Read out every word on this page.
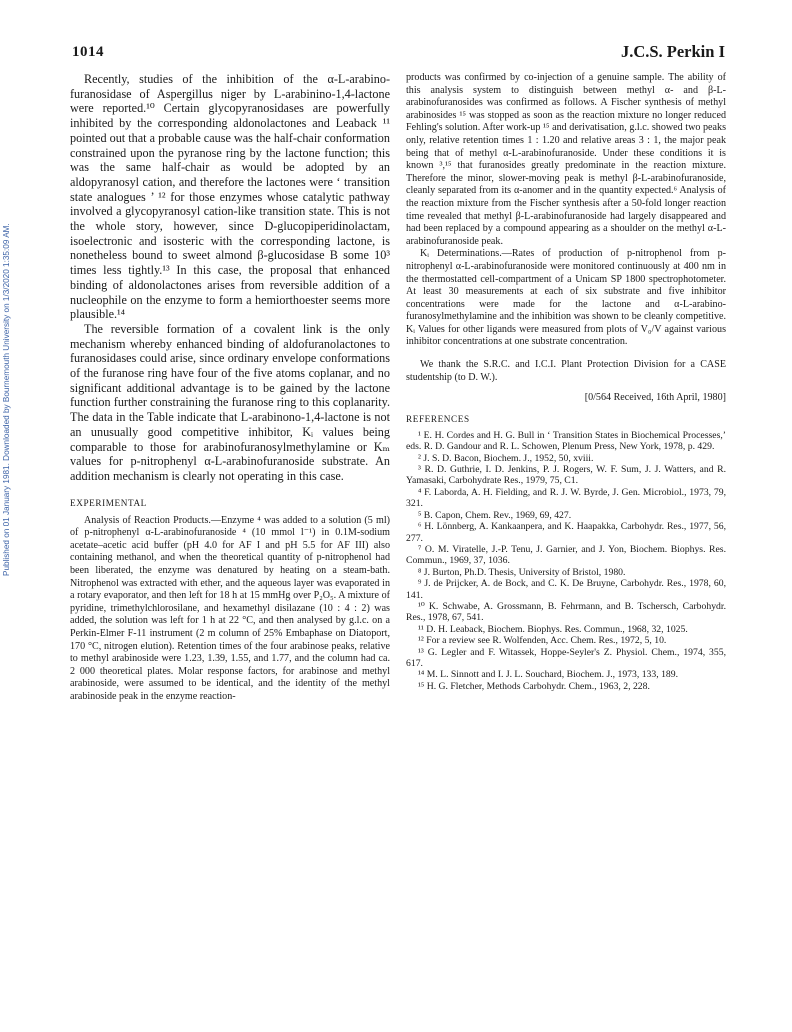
1014	J.C.S. Perkin I
Published on 01 January 1981. Downloaded by Bournemouth University on 1/3/2020 1:35:09 AM.

Recently, studies of the inhibition of the α-L-arabinofuranosidase of Aspergillus niger by L-arabinino-1,4-lactone were reported.¹⁰ Certain glycopyranosidases are powerfully inhibited by the corresponding aldonolactones and Leaback ¹¹ pointed out that a probable cause was the half-chair conformation constrained upon the pyranose ring by the lactone function; this was the same half-chair as would be adopted by an aldopyranosyl cation, and therefore the lactones were ‘ transition state analogues ’ ¹² for those enzymes whose catalytic pathway involved a glycopyranosyl cation-like transition state. This is not the whole story, however, since D-glucopiperidinolactam, isoelectronic and isosteric with the corresponding lactone, is nonetheless bound to sweet almond β-glucosidase B some 10³ times less tightly.¹³ In this case, the proposal that enhanced binding of aldonolactones arises from reversible addition of a nucleophile on the enzyme to form a hemiorthoester seems more plausible.¹⁴

The reversible formation of a covalent link is the only mechanism whereby enhanced binding of aldofuranolactones to furanosidases could arise, since ordinary envelope conformations of the furanose ring have four of the five atoms coplanar, and no significant additional advantage is to be gained by the lactone function further constraining the furanose ring to this coplanarity. The data in the Table indicate that L-arabinono-1,4-lactone is not an unusually good competitive inhibitor, Kᵢ values being comparable to those for arabinofuranosylmethylamine or Kₘ values for p-nitrophenyl α-L-arabinofuranoside substrate. An addition mechanism is clearly not operating in this case.

EXPERIMENTAL

Analysis of Reaction Products.—Enzyme ⁴ was added to a solution (5 ml) of p-nitrophenyl α-L-arabinofuranoside ⁴ (10 mmol l⁻¹) in 0.1M-sodium acetate–acetic acid buffer (pH 4.0 for AF I and pH 5.5 for AF III) also containing methanol, and when the theoretical quantity of p-nitrophenol had been liberated, the enzyme was denatured by heating on a steam-bath. Nitrophenol was extracted with ether, and the aqueous layer was evaporated in a rotary evaporator, and then left for 18 h at 15 mmHg over P₂O₅. A mixture of pyridine, trimethylchlorosilane, and hexamethyl disilazane (10 : 4 : 2) was added, the solution was left for 1 h at 22 °C, and then analysed by g.l.c. on a Perkin-Elmer F-11 instrument (2 m column of 25% Embaphase on Diatoport, 170 °C, nitrogen elution). Retention times of the four arabinose peaks, relative to methyl arabinoside were 1.23, 1.39, 1.55, and 1.77, and the column had ca. 2 000 theoretical plates. Molar response factors, for arabinose and methyl arabinoside, were assumed to be identical, and the identity of the methyl arabinoside peak in the enzyme reaction-

products was confirmed by co-injection of a genuine sample. The ability of this analysis system to distinguish between methyl α- and β-L-arabinofuranosides was confirmed as follows. A Fischer synthesis of methyl arabinosides ¹⁵ was stopped as soon as the reaction mixture no longer reduced Fehling's solution. After work-up ¹⁵ and derivatisation, g.l.c. showed two peaks only, relative retention times 1 : 1.20 and relative areas 3 : 1, the major peak being that of methyl α-L-arabinofuranoside. Under these conditions it is known ³,¹⁵ that furanosides greatly predominate in the reaction mixture. Therefore the minor, slower-moving peak is methyl β-L-arabinofuranoside, cleanly separated from its α-anomer and in the quantity expected.⁶ Analysis of the reaction mixture from the Fischer synthesis after a 50-fold longer reaction time revealed that methyl β-L-arabinofuranoside had largely disappeared and had been replaced by a compound appearing as a shoulder on the methyl α-L-arabinofuranoside peak.

Kᵢ Determinations.—Rates of production of p-nitrophenol from p-nitrophenyl α-L-arabinofuranoside were monitored continuously at 400 nm in the thermostatted cell-compartment of a Unicam SP 1800 spectrophotometer. At least 30 measurements at each of six substrate and five inhibitor concentrations were made for the lactone and α-L-arabinofuranosylmethylamine and the inhibition was shown to be cleanly competitive. Kᵢ Values for other ligands were measured from plots of V₀/V against various inhibitor concentrations at one substrate concentration.

We thank the S.R.C. and I.C.I. Plant Protection Division for a CASE studentship (to D. W.).

[0/564 Received, 16th April, 1980]
REFERENCES
¹ E. H. Cordes and H. G. Bull in ‘ Transition States in Biochemical Processes,’ eds. R. D. Gandour and R. L. Schowen, Plenum Press, New York, 1978, p. 429.
² J. S. D. Bacon, Biochem. J., 1952, 50, xviii.
³ R. D. Guthrie, I. D. Jenkins, P. J. Rogers, W. F. Sum, J. J. Watters, and R. Yamasaki, Carbohydrate Res., 1979, 75, C1.
⁴ F. Laborda, A. H. Fielding, and R. J. W. Byrde, J. Gen. Microbiol., 1973, 79, 321.
⁵ B. Capon, Chem. Rev., 1969, 69, 427.
⁶ H. Lönnberg, A. Kankaanpera, and K. Haapakka, Carbohydr. Res., 1977, 56, 277.
⁷ O. M. Viratelle, J.-P. Tenu, J. Garnier, and J. Yon, Biochem. Biophys. Res. Commun., 1969, 37, 1036.
⁸ J. Burton, Ph.D. Thesis, University of Bristol, 1980.
⁹ J. de Prijcker, A. de Bock, and C. K. De Bruyne, Carbohydr. Res., 1978, 60, 141.
¹⁰ K. Schwabe, A. Grossmann, B. Fehrmann, and B. Tschersch, Carbohydr. Res., 1978, 67, 541.
¹¹ D. H. Leaback, Biochem. Biophys. Res. Commun., 1968, 32, 1025.
¹² For a review see R. Wolfenden, Acc. Chem. Res., 1972, 5, 10.
¹³ G. Legler and F. Witassek, Hoppe-Seyler's Z. Physiol. Chem., 1974, 355, 617.
¹⁴ M. L. Sinnott and I. J. L. Souchard, Biochem. J., 1973, 133, 189.
¹⁵ H. G. Fletcher, Methods Carbohydr. Chem., 1963, 2, 228.
